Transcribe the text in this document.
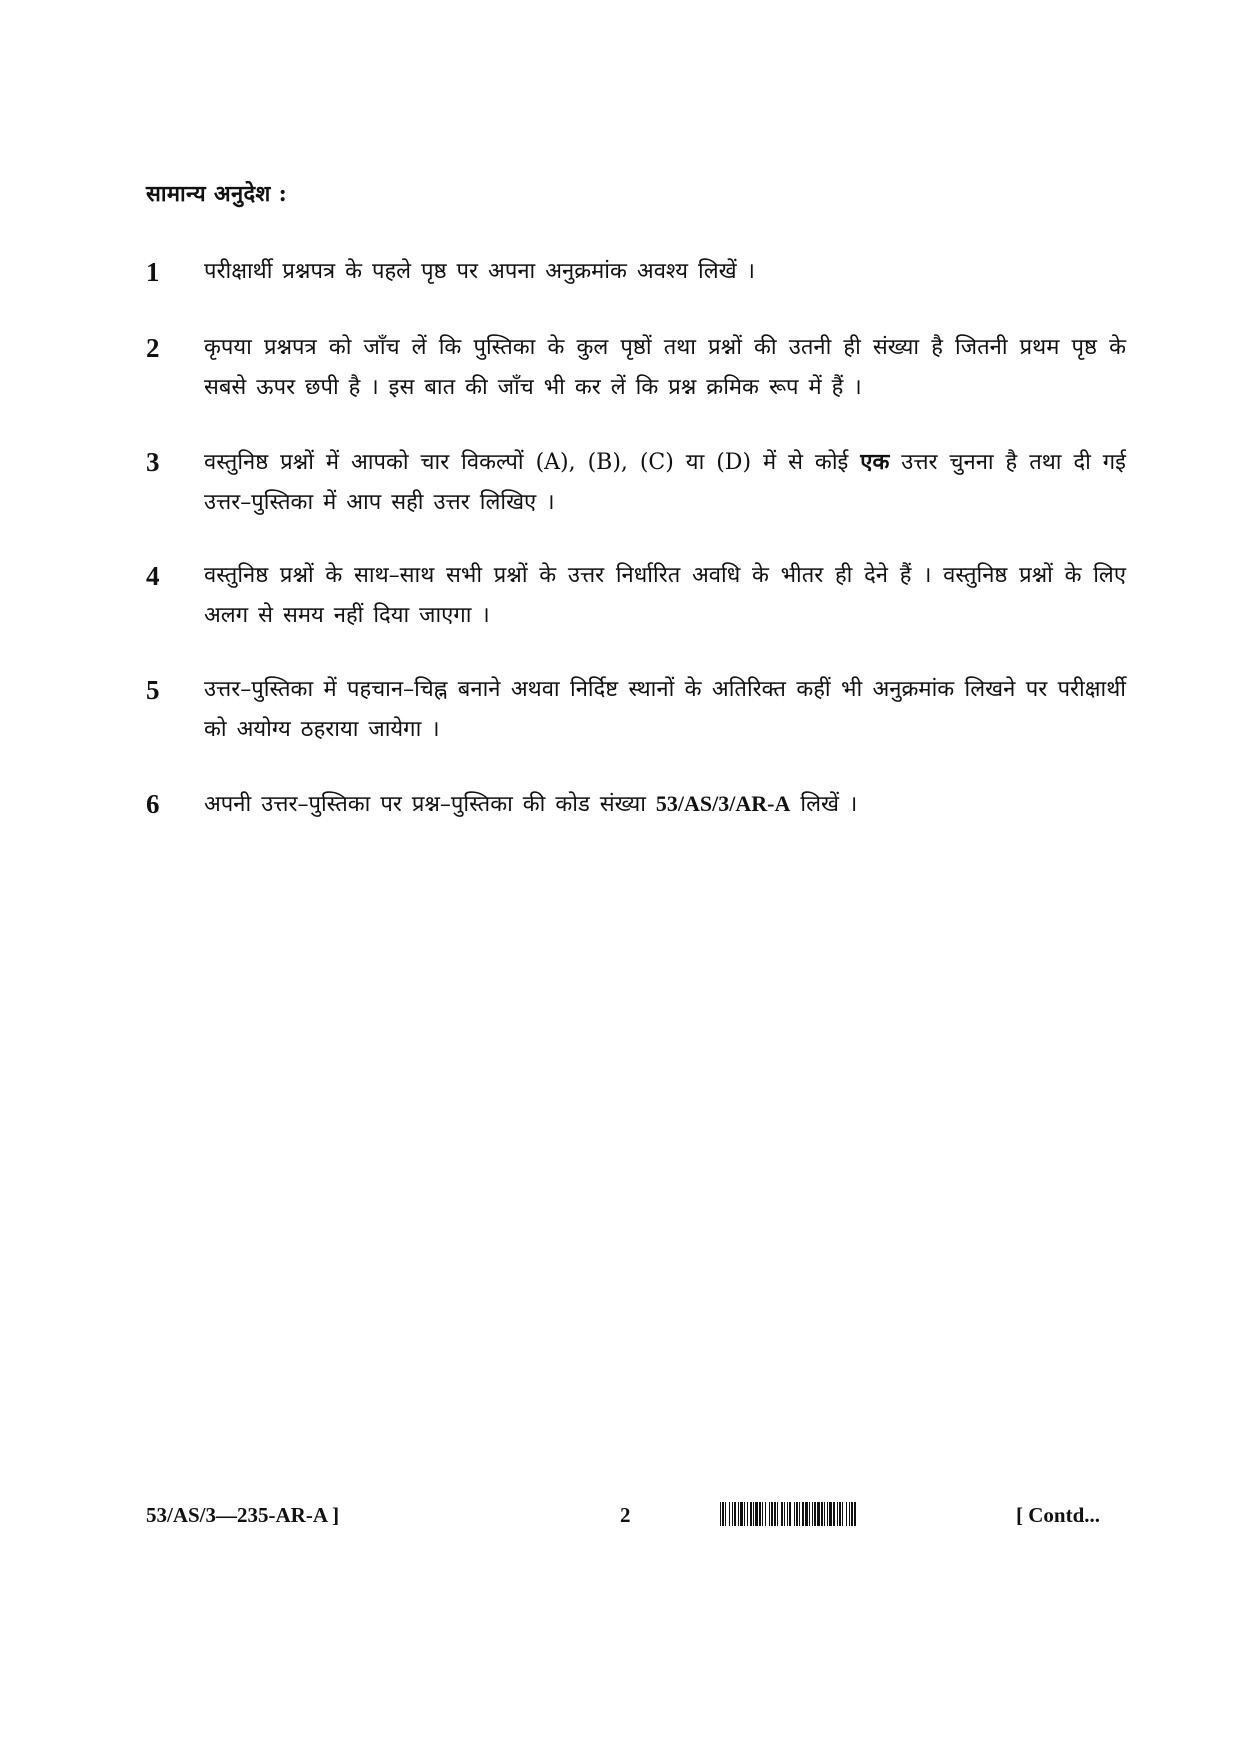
सामान्य अनुदेश :
1	परीक्षार्थी प्रश्नपत्र के पहले पृष्ठ पर अपना अनुक्रमांक अवश्य लिखें ।
2	कृपया प्रश्नपत्र को जाँच लें कि पुस्तिका के कुल पृष्ठों तथा प्रश्नों की उतनी ही संख्या है जितनी प्रथम पृष्ठ के सबसे ऊपर छपी है । इस बात की जाँच भी कर लें कि प्रश्न क्रमिक रूप में हैं ।
3	वस्तुनिष्ठ प्रश्नों में आपको चार विकल्पों (A), (B), (C) या (D) में से कोई एक उत्तर चुनना है तथा दी गई उत्तर–पुस्तिका में आप सही उत्तर लिखिए ।
4	वस्तुनिष्ठ प्रश्नों के साथ–साथ सभी प्रश्नों के उत्तर निर्धारित अवधि के भीतर ही देने हैं । वस्तुनिष्ठ प्रश्नों के लिए अलग से समय नहीं दिया जाएगा ।
5	उत्तर–पुस्तिका में पहचान–चिह्न बनाने अथवा निर्दिष्ट स्थानों के अतिरिक्त कहीं भी अनुक्रमांक लिखने पर परीक्षार्थी को अयोग्य ठहराया जायेगा ।
6	अपनी उत्तर–पुस्तिका पर प्रश्न–पुस्तिका की कोड संख्या 53/AS/3/AR-A लिखें ।
53/AS/3—235-AR-A ]	2	[ Contd...
